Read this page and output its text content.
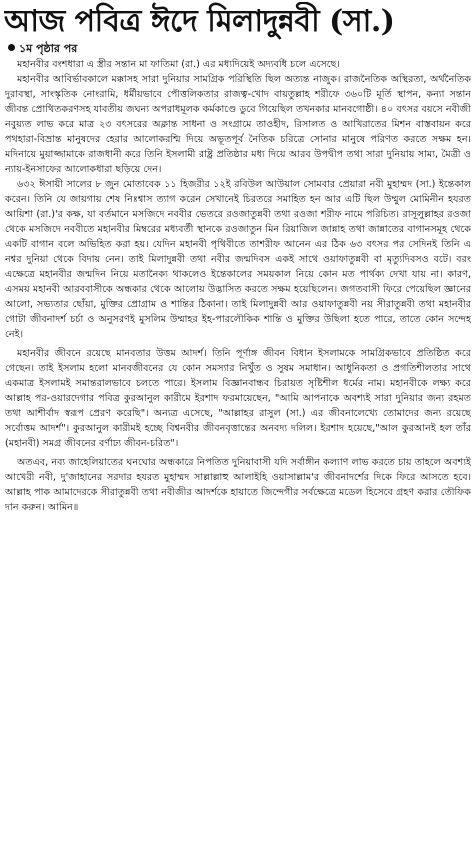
আজ পবিত্র ঈদে মিলাদুন্নবী (সা.)
১ম পৃষ্ঠার পর

মহানবীর বংশধারা এ স্ত্রীর সন্তান মা ফাতিমা (রা.) এর মধ্যদিয়েই অদ্যবধি চলে এসেছে।

মহানবীর আবির্ভাবকালে মক্কাসহ সারা দুনিয়ার সামগ্রিক পরিস্থিতি ছিল অত্যন্ত নাজুক। রাজনৈতিক অস্থিরতা, অর্থনৈতিক দুরাবস্থা, সাংস্কৃতিক নোংরামি, ধর্মীয়ভাবে পৌত্তলিকতার রাজত্ব-খোদ বায়তুল্লাহ শরীফে ৩৬০টি মূর্তি স্থাপন, কন্যা সন্তান জীবন্ত প্রোথিতকরণসহ যাবতীয় জঘন্য অপরাধমূলক কর্মকাণ্ডে ডুবে গিয়েছিল তখনকার মানবগোষ্ঠী। ৪০ বৎসর বয়সে নবীজী নবুয়্যত লাভ করে মাত্র ২৩ বৎসরের অক্লান্ত সাধনা ও সংগ্রামে তাওহীদ, রিসালত ও আখিরাতের মিশন বাস্তবায়ন করে পথহারা-বিভ্রান্ত মানুষদের হেরার আলোকরশ্মি দিয়ে অভূতপূর্ব নৈতিক চরিত্রে সোনার মানুষে পরিণত করতে সক্ষম হন। মদিনায়ে মুয়াজ্জামাকে রাজধানী করে তিনি ইসলামী রাষ্ট্র প্রতিষ্ঠার মধ্য দিয়ে আরব উপদ্বীপ তথা সারা দুনিয়ায় সাম্য, মৈত্রী ও ন্যায়-ইনসাফের আলোকধারা ছড়িয়ে দেন।

৬৩২ ঈসায়ী সালের ৮ জুন মোতাবেক ১১ হিজরীর ১২ই রবিউল আউয়াল সোমবার প্রেয়ারা নবী মুহাম্মদ (সা.) ইন্তেকাল করেন। তিনি যে জায়গায় শেষ নিঃশ্বাস ত্যাগ করেন সেখানেই চিরতরে সমাহিত হন আর এটি ছিল উম্মুল মোমিনীন হযরত আয়িশা (রা.)'র কক্ষ, যা বর্তমানে মসজিদে নববীর ভেতরে রওজাতুন্নবী তথা রওজা শরীফ নামে পরিচিত। রাসূলুল্লাহর রওজা থেকে মসজিদে নববীতে মহানবীর মিম্বরের মধ্যবর্তী স্থানকে রওজাতুন মিন রিয়াজিল জান্নাহ তথা জান্নাতের বাগানসমূহ থেকে একটি বাগান বলে অভিহিত করা হয়। যেদিন মহানবী পৃথিবীতে তাশরীফ আনেন এর ঠিক ৬৩ বৎসর পর সেদিনই তিনি এ নশ্বর দুনিয়া থেকে বিদায় নেন। তাই মিলাদুন্নবী তথা নবীর জন্মদিবস একই সাথে ওয়াফাতুন্নবী বা মৃত্যুদিবসও বটে। বরং এক্ষেত্রে মহানবীর জন্মদিন নিয়ে মতানৈক্য থাকলেও ইন্তেকালের সময়কাল নিয়ে কোন মত পার্থক্য দেখা যায় না। কারণ, এসময় মহানবী আরববাসীকে অন্ধকার থেকে আলোয় উদ্ভাসিত করতে সক্ষম হয়েছিলেন। জগতবাসী ফিরে পেয়েছিল জ্ঞানের আলো, সভ্যতার ছোঁয়া, মুক্তির প্রোগ্রাম ও শান্তির ঠিকানা। তাই মিলাদুন্নবী আর ওয়াফাতুন্নবী নয় সীরাতুন্নবী তথা মহানবীর গোটা জীবনাদর্শ চর্চা ও অনুসরণই মুসলিম উম্মাহর ইহ-পারলৌকিক শান্তি ও মুক্তির উছিলা হতে পারে, তাতে কোন সন্দেহ নেই।

মহানবীর জীবনে রয়েছে মানবতার উত্তম আদর্শ। তিনি পূর্ণাঙ্গ জীবন বিধান ইসলামকে সামগ্রিকভাবে প্রতিষ্ঠিত করে গেছেন। তাই ইসলাম হলো মানবজীবনের যে কোন সমস্যার নিখুঁত ও সুষম সমাধান। আধুনিকতা ও প্রগতিশীলতার সাথে একমাত্র ইসলামই সমান্তরালভাবে চলতে পারে। ইসলাম বিজ্ঞানবান্ধব চিরায়ত সৃষ্টিশীল ধর্মের নাম। মহানবীকে লক্ষ্য করে আল্লাহ পর-ওয়ারদেগার পবিত্র কুরআনুল কারীমে ইরশাদ ফরমায়েছেন, "আমি আপনাকে অবশ্যই সারা দুনিয়ার জন্য রহমত তথা আশীর্বাদ স্বরূপ প্রেরণ করেছি"। অন্যত্র এসেছে, "আল্লাহর রাসুল (সা.) এর জীবনালেখ্যে তোমাদের জন্য রয়েছে সর্বোত্তম আদর্শ"। কুরআনুল কারীমই হচ্ছে বিশ্বনবীর জীবনবৃত্তান্তের অনবদ্য দলিল। ইরশাদ হয়েছে,"আল কুরআনই হল তাঁর (মহানবী) সমগ্র জীবনের বর্ণাঢ্য জীবন-চরিত"।

অতএব, নব্য জাহেলিয়াতের ঘনঘোর অন্ধকারে নিপতিত দুনিয়াবাসী যদি সর্বাঙ্গীন কল্যাণ লাভ করতে চায় তাহলে অবশ্যই আখেরী নবী, দু'জাহানের সরদার হযরত মুহাম্মদ সাল্লাল্লাহু আলাইহি ওয়াসাল্লাম'র জীবনাদর্শের দিকে ফিরে আসতে হবে। আল্লাহ পাক আমাদেরকে সীরাতুন্নবী তথা নবীজীর আদর্শকে হায়াতে জিন্দেগীর সর্বক্ষেত্রে মডেল হিসেবে গ্রহণ করার তৌফিক দান করুন। আমিন॥
